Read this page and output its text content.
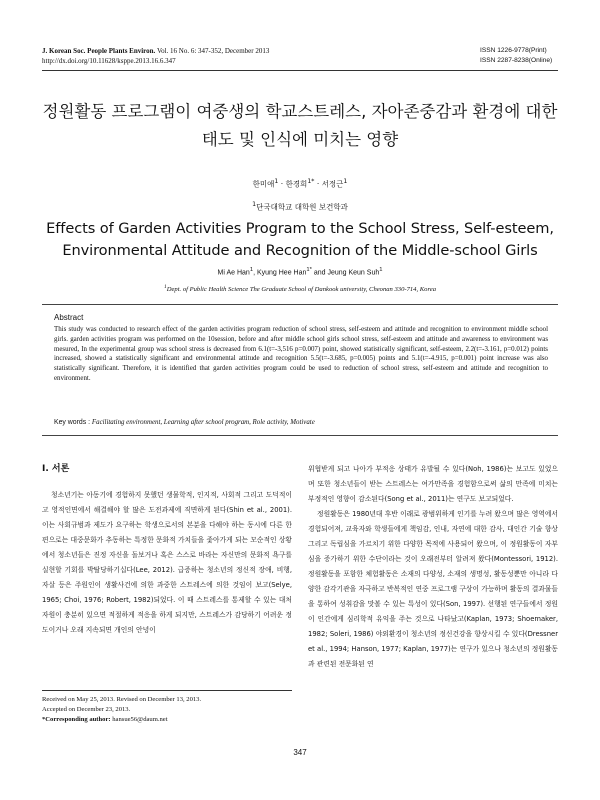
J. Korean Soc. People Plants Environ. Vol. 16 No. 6: 347-352, December 2013
http://dx.doi.org/10.11628/ksppe.2013.16.6.347
ISSN 1226-9778(Print)
ISSN 2287-8238(Online)
정원활동 프로그램이 여중생의 학교스트레스, 자아존중감과 환경에 대한
태도 및 인식에 미치는 영향
한미애$^1$ · 한경희$^{1*}$ · 서정근$^1$
$^1$단국대학교 대학원 보건학과
Effects of Garden Activities Program to the School Stress, Self-esteem,
Environmental Attitude and Recognition of the Middle-school Girls
Mi Ae Han$^1$, Kyung Hee Han$^{1*}$ and Jeung Keun Suh$^1$
$^1$Dept. of Public Health Science The Graduate School of Dankook university, Cheonan 330-714, Korea
Abstract
This study was conducted to research effect of the garden activities program reduction of school stress, self-esteem and attitude and recognition to environment middle school girls. garden activities program was performed on the 10session, before and after middle school girls school stress, self-esteem and attitude and awareness to environment was mesured, In the experimental group was school stress is decreased from 6.1(t=-3,516 p=0.007) point, showed statistically significant, self-esteem, 2.2(t=-3.161, p=0.012) points increased, showed a statistically significant and environmental attitude and recognition 5.5(t=-3.685, p=0.005) points and 5.1(t=-4.915, p=0.001) point increase was also statistically significant. Therefore, it is identified that garden activities program could be used to reduction of school stress, self-esteem and attitude and recognition to environment.
Key words : Facilitating environment, Learning after school program, Role activity, Motivate
Ⅰ. 서론

청소년기는 아동기에 경험하지 못했던 생물학적, 인지적, 사회적 그리고 도덕적이고 영적인면에서 해결해야 할 많은 도전과제에 직면하게 된다(Shin et al., 2001). 이는 사회규범과 제도가 요구하는 학생으로서의 본분을 다해야 하는 동시에 다른 한편으로는 대중문화가 추동하는 특정한 문화적 가치들을 좇아가게 되는 모순적인 상황에서 청소년들은 진정 자신을 돌보거나 혹은 스스로 바라는 자신만의 문화적 욕구를 실현할 기회를 박탈당하기십다(Lee, 2012). 급증하는 청소년의 정신적 장애, 비행, 자살 등은 주원인이 생활사건에 의한 과중한 스트레스에 의한 것임이 보고(Selye, 1965; Choi, 1976; Robert, 1982)되었다. 이 때 스트레스를 통제할 수 있는 대처자원이 충분히 있으면 적절하게 적응을 하게 되지만, 스트레스가 감당하기 어려운 정도이거나 오래 지속되면 개인의 안녕이

위협받게 되고 나아가 부적응 상태가 유발될 수 있다(Noh, 1986)는 보고도 있었으며 또한 청소년들이 받는 스트레스는 여가만족을 경험함으로써 삶의 만족에 미치는 부정적인 영향이 감소된다(Song et al., 2011)는 연구도 보고되었다.

정원활동은 1980년대 후반 이래로 광범위하게 인기를 누려 왔으며 많은 영역에서 경험되어져, 교육자와 학생들에게 책임감, 인내, 자연에 대한 감사, 대인간 기술 향상 그리고 독립심을 가르치기 위한 다양한 목적에 사용되어 왔으며, 이 정원활동이 자부심을 증가하기 위한 수단이라는 것이 오래전부터 알려져 왔다(Montessori, 1912). 정원활동을 포함한 체험활동은 소재의 다양성, 소재의 생명성, 활동성뿐만 아니라 다양한 감각기관을 자극하고 반복적인 연중 프로그램 구상이 가능하며 활동의 결과물들을 통하여 성취감을 맛볼 수 있는 특성이 있다(Son, 1997). 선행된 연구들에서 정원이 인간에게 심리학적 유익을 주는 것으로 나타났고(Kaplan, 1973; Shoemaker, 1982; Soleri, 1986) 야외환경이 청소년의 정신건강을 향상시킬 수 있다(Dressner et al., 1994; Hanson, 1977; Kaplan, 1977)는 연구가 있으나 청소년의 정원활동과 관련된 전문화된 연

Received on May 25, 2013. Revised on December 13, 2013.
Accepted on December 23, 2013.
*Corresponding author: hansue56@daum.net
347
